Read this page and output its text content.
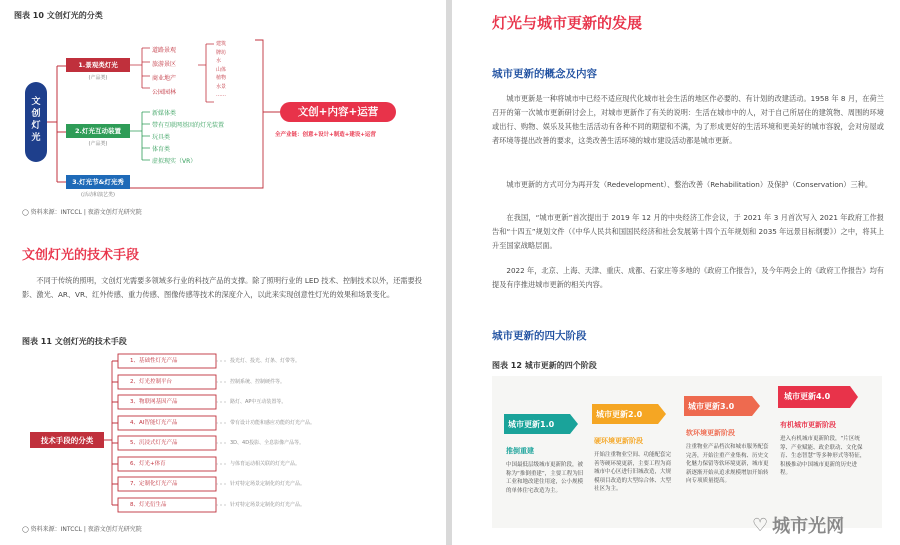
图表 10 文创灯光的分类
文创灯光
1.景观类灯光
(产品类)
2.灯光互动装置
(产品类)
3.灯光节&灯光秀
(活动和演艺类)
道路景观
旅游景区
商业地产
公园园林
建筑
牌坊
水
山体
植物
水景
……
新媒体类
带有互联网基因的灯光装置
玩具类
体育类
虚拟现实（VR）
文创+内容+运营
全产业链：创意+设计+制造+建设+运营
◯ 资料来源：INTCCL | 夜游文创灯光研究院
文创灯光的技术手段
不同于传统的照明，文创灯光需要多领域多行业的科技产品的支撑。除了照明行业的 LED 技术、控制技术以外，还需要投影、激光、AR、VR、红外传感、重力传感、图像传感等技术的深度介入，以此来实现创意性灯光的效果和场景变化。
图表 11 文创灯光的技术手段
技术手段的分类
1、基础性灯光产品
2、灯光控制平台
3、物联网基因产品
4、AI智能灯光产品
5、沉浸式灯光产品
6、灯光+体育
7、定制化灯光产品
8、灯光衍生品
投光灯、投光、灯条、灯带等。
控制系统、控制硬件等。
路灯、AP中互动装置等。
带有设计功能和感应功能的灯光产品。
3D、4D投影、全息影像产品等。
与体育运动相关联的灯光产品。
针对特定场景定制化的灯光产品。
针对特定场景定制化的灯光产品。
◯ 资料来源：INTCCL | 夜游文创灯光研究院
灯光与城市更新的发展
城市更新的概念及内容
城市更新是一种将城市中已经不适应现代化城市社会生活的地区作必要的、有计划的改建活动。1958 年 8 月，在荷兰召开的第一次城市更新研讨会上，对城市更新作了有关的说明：生活在城市中的人，对于自己所居住的建筑物、周围的环境或出行、购物、娱乐及其他生活活动有各种不同的期望和不满，为了形成更好的生活环境和更美好的城市容貌，会对房屋或者环境等提出改善的要求，这类改善生活环境的城市建设活动都是城市更新。
城市更新的方式可分为再开发（Redevelopment）、整治改善（Rehabilitation）及保护（Conservation）三种。
在我国，“城市更新”首次提出于 2019 年 12 月的中央经济工作会议，于 2021 年 3 月首次写入 2021 年政府工作报告和“十四五”规划文件（《中华人民共和国国民经济和社会发展第十四个五年规划和 2035 年远景目标纲要》）之中，将其上升至国家战略层面。
2022 年，北京、上海、天津、重庆、成都、石家庄等多地的《政府工作报告》，及今年两会上的《政府工作报告》均有提及有序推进城市更新的相关内容。
城市更新的四大阶段
图表 12 城市更新的四个阶段
城市更新1.0
城市更新2.0
城市更新3.0
城市更新4.0
推倒重建
硬环境更新阶段
软环境更新阶段
有机城市更新阶段
中国最低层级城市更新阶段，被称为“推倒重建”，主要工程为旧工业和地改建住用途，公小规模的单体住宅改造为主。
开始注重物业空间、功能配套完善等硬环境更新，主要工程为商城市中心区进行旧城改造，大规模项目改造的大型综合体、大型社区为主。
注重物业产品档次和城市服务配套完善，开始注重产业集构、历史文化魅力保留等软环境更新，城市更新逐渐开始从追求规模增加开始转向专项质量提高。
进入有机城市更新阶段，“片区统筹、产业赋能、政企联动、文化保育、生态智慧”等多种形式等特征，积极推动中国城市更新的历史进程。
♡ 城市光网
